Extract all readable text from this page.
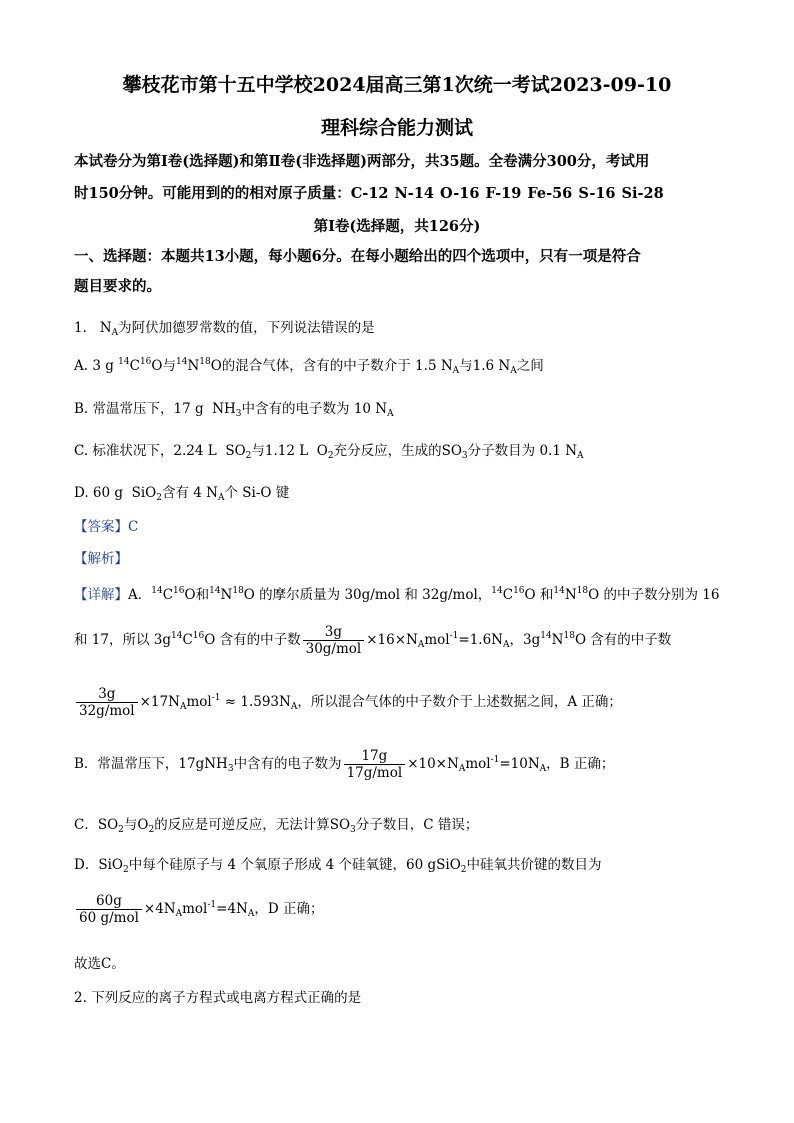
攀枝花市第十五中学校2024届高三第1次统一考试2023-09-10
理科综合能力测试
本试卷分为第Ⅰ卷(选择题)和第Ⅱ卷(非选择题)两部分，共35题。全卷满分300分，考试用
时150分钟。可能用到的的相对原子质量：C-12 N-14 O-16 F-19 Fe-56 S-16 Si-28
第Ⅰ卷(选择题，共126分)
一、选择题：本题共13小题，每小题6分。在每小题给出的四个选项中，只有一项是符合
题目要求的。
1.   $N_A$为阿伏加德罗常数的值，下列说法错误的是
A. 3 g $^{14}C^{16}O$与$^{14}N^{18}O$的混合气体，含有的中子数介于 1.5 $N_A$与1.6 $N_A$之间
B. 常温常压下，17 g  $NH_3$中含有的电子数为 10 $N_A$
C. 标准状况下，2.24 L  $SO_2$与1.12 L  $O_2$充分反应，生成的$SO_3$分子数目为 0.1 $N_A$
D. 60 g  SiO$_2$含有 4 $N_A$个 Si-O 键
【答案】C
【解析】
【详解】A．$^{14}C^{16}O$和$^{14}N^{18}O$ 的摩尔质量为 30g/mol 和 32g/mol，$^{14}C^{16}O$ 和$^{14}N^{18}O$ 的中子数分别为 16
和 17，所以 $3g^{14}C^{16}O$ 含有的中子数 $\frac{3g}{\text{30g/mol}} \times 16\times N_Amol^{-1}=1.6N_A$，$3g^{14}N^{18}O$ 含有的中子数
$\frac{3g}{\text{32g/mol}} \times 17N_Amol^{-1} \approx 1.593N_A$，所以混合气体的中子数介于上述数据之间，A 正确；
B．常温常压下，17gNH$_3$中含有的电子数为 $\frac{17g}{\text{17g/mol}} \times 10\times N_Amol^{-1}=10N_A$，B 正确；
C．$SO_2$与$O_2$的反应是可逆反应，无法计算$SO_3$分子数目，C 错误；
D．SiO$_2$中每个硅原子与 4 个氧原子形成 4 个硅氧键，60 gSiO$_2$中硅氧共价键的数目为
$\frac{60g}{\text{60 g/mol}} \times 4N_Amol^{-1}=4N_A$，D 正确；
故选C。
2. 下列反应的离子方程式或电离方程式正确的是
